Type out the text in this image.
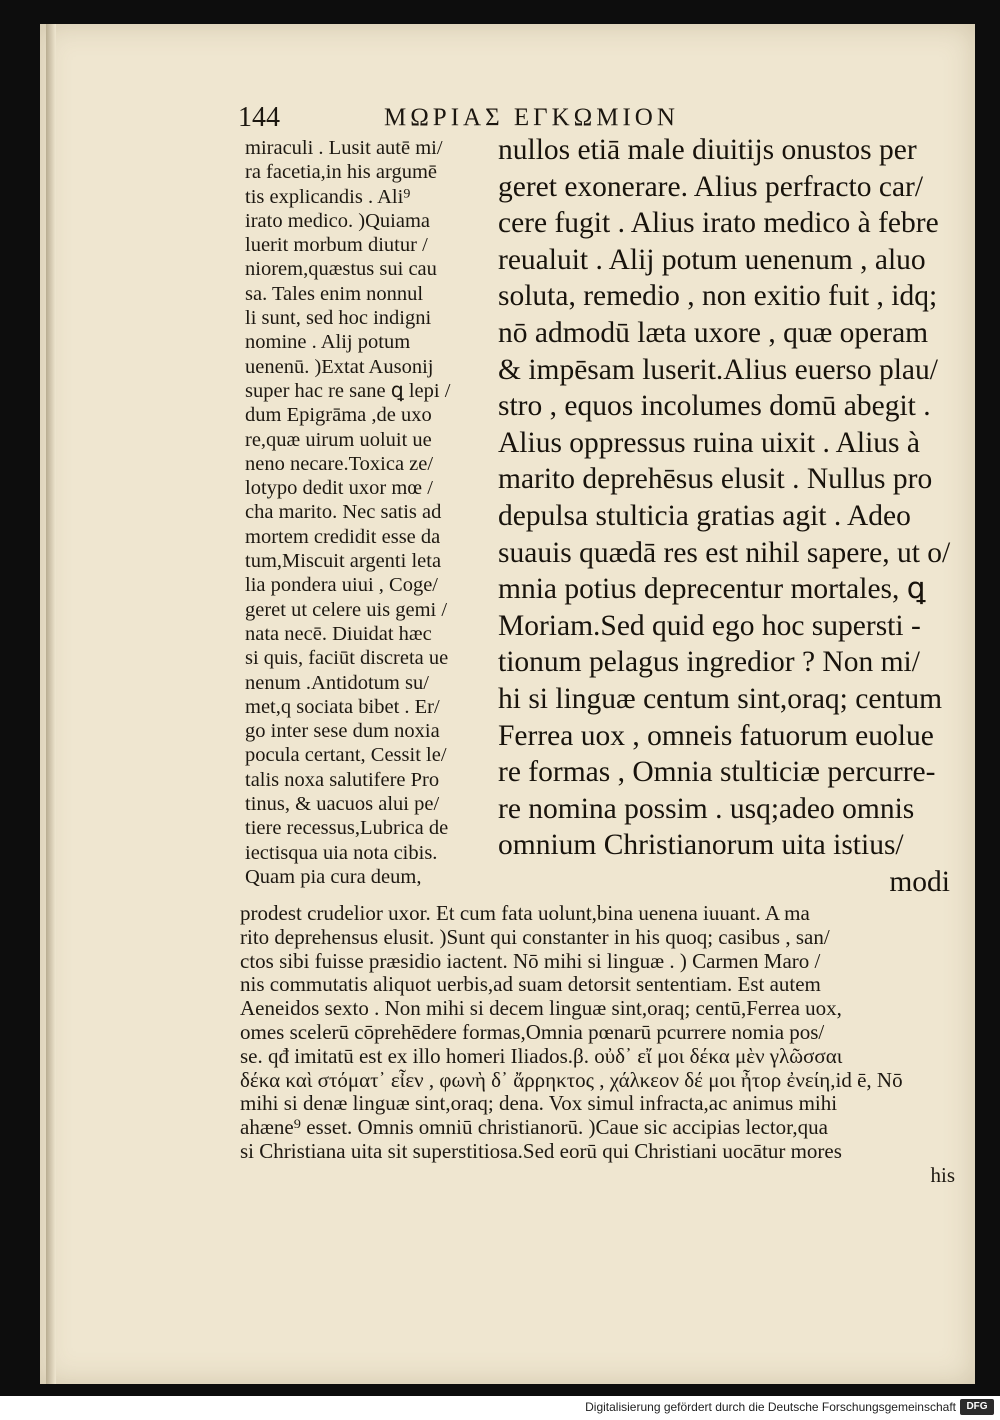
144	ΜΩΡΙΑΣ ΕΓΚΩΜΙΟΝ
miraculi . Lusit autē mi/
ra facetia,in his argumē
tis explicandis . Ali⁹
irato medico. )Quiama
luerit morbum diutur /
niorem,quæstus sui cau
sa. Tales enim nonnul
li sunt, sed hoc indigni
nomine . Alij potum
uenenū. )Extat Ausonij
super hac re sane ꝗ lepi /
dum Epigrāma ,de uxo
re,quæ uirum uoluit ue
neno necare.Toxica ze/
lotypo dedit uxor mœ /
cha marito. Nec satis ad
mortem credidit esse da
tum,Miscuit argenti leta
lia pondera uiui , Coge/
geret ut celere uis gemi /
nata necē. Diuidat hæc
si quis, faciūt discreta ue
nenum .Antidotum su/
met,q sociata bibet . Er/
go inter sese dum noxia
pocula certant, Cessit le/
talis noxa salutifere Pro
tinus, & uacuos alui pe/
tiere recessus,Lubrica de
iectisqua uia nota cibis.
Quam pia cura deum,
nullos etiā male diuitijs onustos per
geret exonerare. Alius perfracto car/
cere fugit . Alius irato medico à febre
reualuit . Alij potum uenenum , aluo
soluta, remedio , non exitio fuit , idq;
nō admodū læta uxore , quæ operam
& impēsam luserit.Alius euerso plau/
stro , equos incolumes domū abegit .
Alius oppressus ruina uixit . Alius à
marito deprehēsus elusit . Nullus pro
depulsa stulticia gratias agit . Adeo
suauis quædā res est nihil sapere, ut o/
mnia potius deprecentur mortales, ꝗ
Moriam.Sed quid ego hoc supersti -
tionum pelagus ingredior ? Non mi/
hi si linguæ centum sint,oraq; centum
Ferrea uox , omneis fatuorum euolue
re formas , Omnia stulticiæ percurre-
re nomina possim . usq;adeo omnis
omnium Christianorum uita istius/
modi
prodest crudelior uxor. Et cum fata uolunt,bina uenena iuuant. A ma
rito deprehensus elusit. )Sunt qui constanter in his quoq; casibus , san/
ctos sibi fuisse præsidio iactent. Nō mihi si linguæ . ) Carmen Maro /
nis commutatis aliquot uerbis,ad suam detorsit sententiam. Est autem
Aeneidos sexto . Non mihi si decem linguæ sint,oraq; centū,Ferrea uox,
omes scelerū cōprehēdere formas,Omnia pœnarū pcurrere nomia pos/
se. qđ imitatū est ex illo homeri Iliados.β. οὐδ᾽ εἴ μοι δέκα μὲν γλῶσσαι
δέκα καὶ στόματ᾽ εἶεν , φωνὴ δ᾽ ἄρρηκτος , χάλκεον δέ μοι ἦτορ ἐνείη,id ē, Nō
mihi si denæ linguæ sint,oraq; dena. Vox simul infracta,ac animus mihi
ahæne⁹ esset. Omnis omniū christianorū. )Caue sic accipias lector,qua
si Christiana uita sit superstitiosa.Sed eorū qui Christiani uocātur mores
his
Digitalisierung gefördert durch die Deutsche Forschungsgemeinschaft	DFG
